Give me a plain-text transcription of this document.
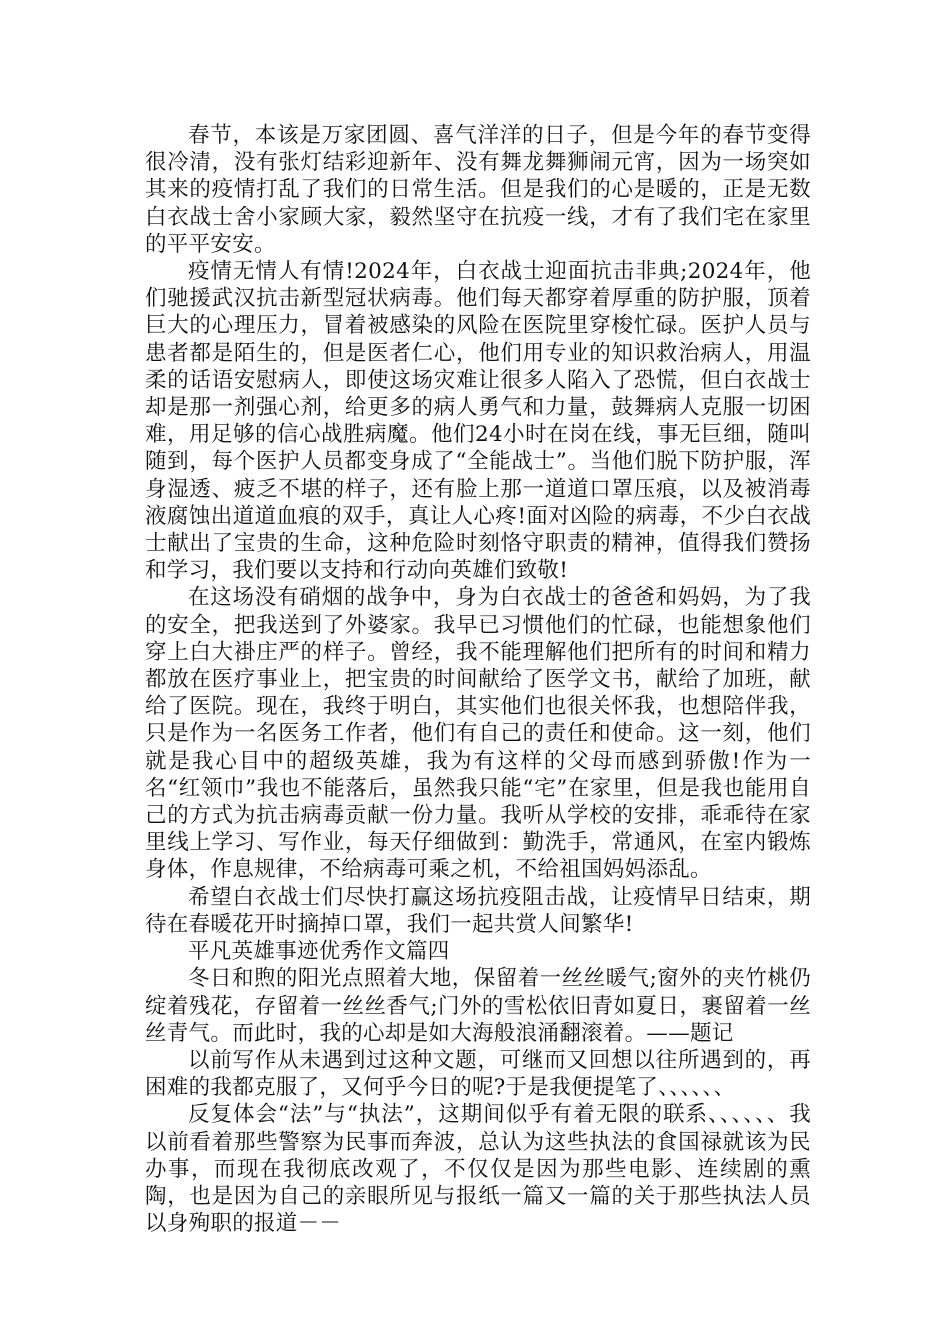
春节，本该是万家团圆、喜气洋洋的日子，但是今年的春节变得很冷清，没有张灯结彩迎新年、没有舞龙舞狮闹元宵，因为一场突如其来的疫情打乱了我们的日常生活。但是我们的心是暖的，正是无数白衣战士舍小家顾大家，毅然坚守在抗疫一线，才有了我们宅在家里的平平安安。

疫情无情人有情!2024年，白衣战士迎面抗击非典;2024年，他们驰援武汉抗击新型冠状病毒。他们每天都穿着厚重的防护服，顶着巨大的心理压力，冒着被感染的风险在医院里穿梭忙碌。医护人员与患者都是陌生的，但是医者仁心，他们用专业的知识救治病人，用温柔的话语安慰病人，即使这场灾难让很多人陷入了恐慌，但白衣战士却是那一剂强心剂，给更多的病人勇气和力量，鼓舞病人克服一切困难，用足够的信心战胜病魔。他们24小时在岗在线，事无巨细，随叫随到，每个医护人员都变身成了“全能战士”。当他们脱下防护服，浑身湿透、疲乏不堪的样子，还有脸上那一道道口罩压痕，以及被消毒液腐蚀出道道血痕的双手，真让人心疼!面对凶险的病毒，不少白衣战士献出了宝贵的生命，这种危险时刻恪守职责的精神，值得我们赞扬和学习，我们要以支持和行动向英雄们致敬!

在这场没有硝烟的战争中，身为白衣战士的爸爸和妈妈，为了我的安全，把我送到了外婆家。我早已习惯他们的忙碌，也能想象他们穿上白大褂庄严的样子。曾经，我不能理解他们把所有的时间和精力都放在医疗事业上，把宝贵的时间献给了医学文书，献给了加班，献给了医院。现在，我终于明白，其实他们也很关怀我，也想陪伴我，只是作为一名医务工作者，他们有自己的责任和使命。这一刻，他们就是我心目中的超级英雄，我为有这样的父母而感到骄傲!作为一名“红领巾”我也不能落后，虽然我只能“宅”在家里，但是我也能用自己的方式为抗击病毒贡献一份力量。我听从学校的安排，乖乖待在家里线上学习、写作业，每天仔细做到：勤洗手，常通风，在室内锻炼身体，作息规律，不给病毒可乘之机，不给祖国妈妈添乱。

希望白衣战士们尽快打赢这场抗疫阻击战，让疫情早日结束，期待在春暖花开时摘掉口罩，我们一起共赏人间繁华!

平凡英雄事迹优秀作文篇四

冬日和煦的阳光点照着大地，保留着一丝丝暖气;窗外的夹竹桃仍绽着残花，存留着一丝丝香气;门外的雪松依旧青如夏日，裹留着一丝丝青气。而此时，我的心却是如大海般浪涌翻滚着。——题记

以前写作从未遇到过这种文题，可继而又回想以往所遇到的，再困难的我都克服了，又何乎今日的呢?于是我便提笔了、、、、、、

反复体会“法”与“执法”，这期间似乎有着无限的联系、、、、、、我以前看着那些警察为民事而奔波，总认为这些执法的食国禄就该为民办事，而现在我彻底改观了，不仅仅是因为那些电影、连续剧的熏陶，也是因为自己的亲眼所见与报纸一篇又一篇的关于那些执法人员以身殉职的报道－－
